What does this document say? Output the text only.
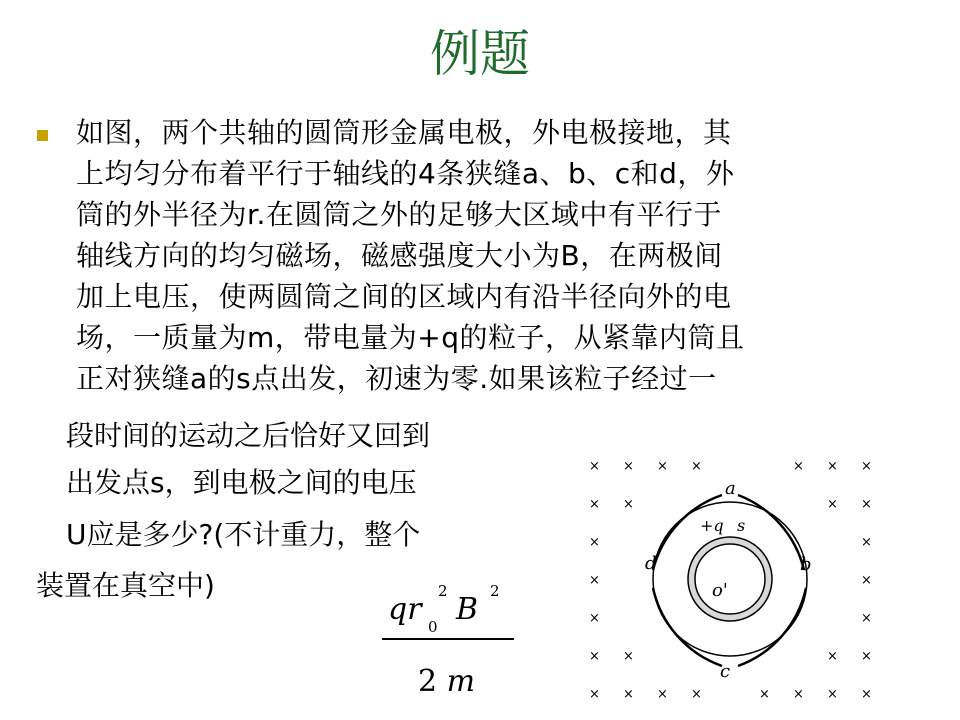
例题
如图，两个共轴的圆筒形金属电极，外电极接地，其
上均匀分布着平行于轴线的4条狭缝a、b、c和d，外
筒的外半径为r.在圆筒之外的足够大区域中有平行于
轴线方向的均匀磁场，磁感强度大小为B，在两极间
加上电压，使两圆筒之间的区域内有沿半径向外的电
场，一质量为m，带电量为+q的粒子，从紧靠内筒且
正对狭缝a的s点出发，初速为零.如果该粒子经过一
段时间的运动之后恰好又回到
出发点s，到电极之间的电压
U应是多少?(不计重力，整个
装置在真空中)
qr 0
2
B
2
2 m
× × × ×	× × ×
× ×	× ×
×	×
×	×
×	×
× ×	× ×
× × × ×	× × × ×
a
b
c
d
+q s
o'
